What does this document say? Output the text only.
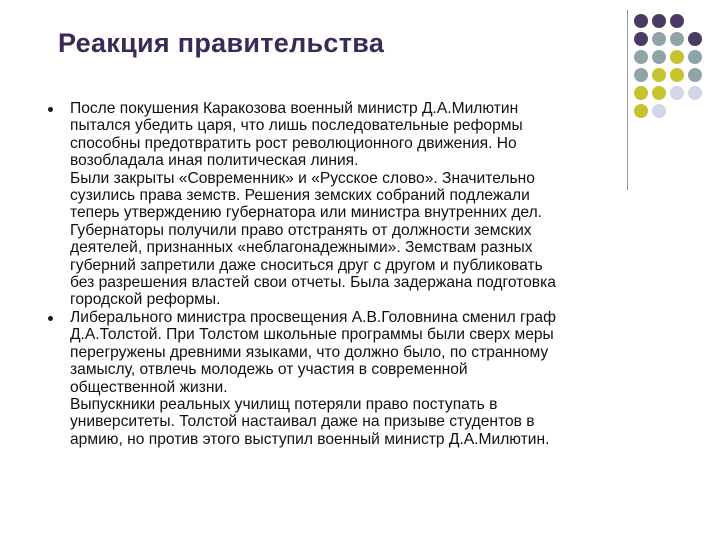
Реакция правительства
После покушения Каракозова военный министр Д.А.Милютин
пытался убедить царя, что лишь последовательные реформы
способны предотвратить рост революционного движения. Но
возобладала иная политическая линия.
Были закрыты «Современник» и «Русское слово». Значительно
сузились права земств. Решения земских собраний подлежали
теперь утверждению губернатора или министра внутренних дел.
Губернаторы получили право отстранять от должности земских
деятелей, признанных «неблагонадежными». Земствам разных
губерний запретили даже сноситься друг с другом и публиковать
без разрешения властей свои отчеты. Была задержана подготовка
городской реформы.
Либерального министра просвещения А.В.Головнина сменил граф
Д.А.Толстой. При Толстом школьные программы были сверх меры
перегружены древними языками, что должно было, по странному
замыслу, отвлечь молодежь от участия в современной
общественной жизни.
Выпускники реальных училищ потеряли право поступать в
университеты. Толстой настаивал даже на призыве студентов в
армию, но против этого выступил военный министр Д.А.Милютин.
